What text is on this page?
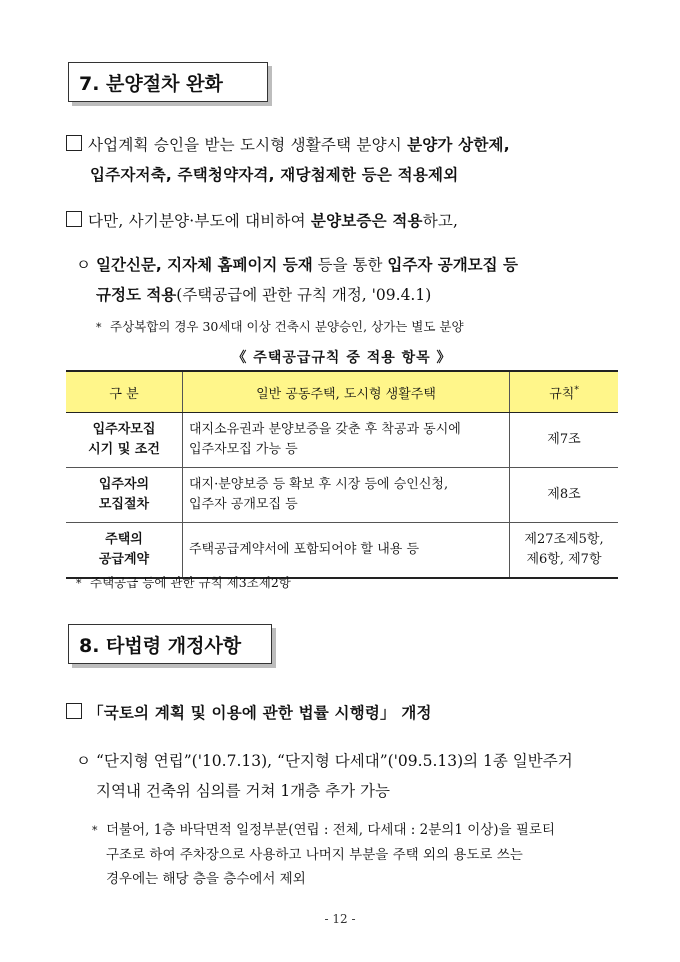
7. 분양절차 완화
사업계획 승인을 받는 도시형 생활주택 분양시 분양가 상한제,
입주자저축, 주택청약자격, 재당첨제한 등은 적용제외
다만, 사기분양·부도에 대비하여 분양보증은 적용하고,
ㅇ 일간신문, 지자체 홈페이지 등재 등을 통한 입주자 공개모집 등
규정도 적용(주택공급에 관한 규칙 개정, '09.4.1)
* 주상복합의 경우 30세대 이상 건축시 분양승인, 상가는 별도 분양
《 주택공급규칙 중 적용 항목 》
구 분	일반 공동주택, 도시형 생활주택	규칙*

입주자모집
시기 및 조건	대지소유권과 분양보증을 갖춘 후 착공과 동시에
입주자모집 가능 등	제7조

입주자의
모집절차	대지·분양보증 등 확보 후 시장 등에 승인신청,
입주자 공개모집 등	제8조

주택의
공급계약	주택공급계약서에 포함되어야 할 내용 등	제27조제5항,
제6항, 제7항
* 주택공급 등에 관한 규칙 제3조제2항
8. 타법령 개정사항
「국토의 계획 및 이용에 관한 법률 시행령」 개정
ㅇ “단지형 연립”('10.7.13), “단지형 다세대”('09.5.13)의 1종 일반주거
지역내 건축위 심의를 거쳐 1개층 추가 가능
* 더불어, 1층 바닥면적 일정부분(연립 : 전체, 다세대 : 2분의1 이상)을 필로티
구조로 하여 주차장으로 사용하고 나머지 부분을 주택 외의 용도로 쓰는
경우에는 해당 층을 층수에서 제외
- 12 -
